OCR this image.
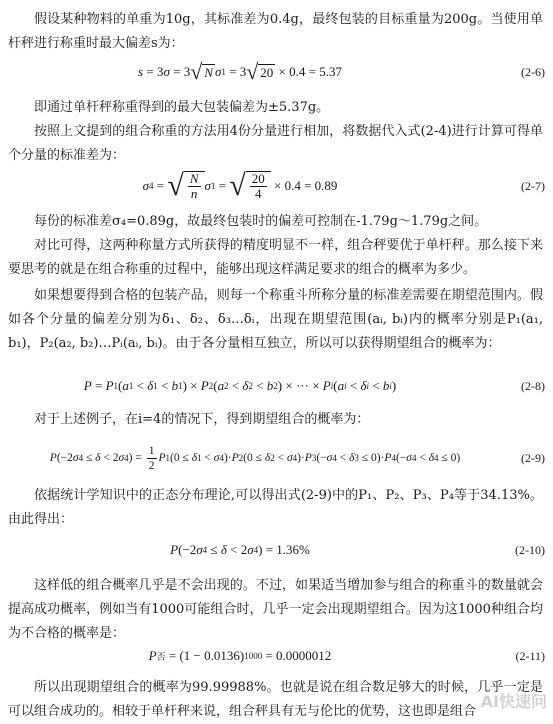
假设某种物料的单重为10g，其标准差为0.4g，最终包装的目标重量为200g。当使用单杆秤进行称重时最大偏差s为：

s = 3 σ = 3 √ N σ 1 = 3 √ 20 × 0.4 = 5.37	(2-6)

即通过单杆秤称重得到的最大包装偏差为±5.37g。

按照上文提到的组合称重的方法用4份分量进行相加，将数据代入式(2-4)进行计算可得单个分量的标准差为：

σ 4 = √ $\frac{N}{n}$ σ 1 = √ $\frac{20}{4} \times 0.4 = 0.89$	(2-7)

每份的标准差σ₄=0.89g，故最终包装时的偏差可控制在-1.79g～1.79g之间。

对比可得，这两种称量方式所获得的精度明显不一样，组合秤要优于单杆秤。那么接下来要思考的就是在组合称重的过程中，能够出现这样满足要求的组合的概率为多少。

如果想要得到合格的包装产品，则每一个称重斗所称分量的标准差需要在期望范围内。假如各个分量的偏差分别为δ₁、δ₂、δ₃…δᵢ，出现在期望范围(aᵢ, bᵢ)内的概率分别是P₁(a₁, b₁)，P₂(a₂, b₂)…Pᵢ(aᵢ, bᵢ)。由于各分量相互独立，所以可以获得期望组合的概率为：

P = P 1 ( a 1 < δ 1 < b 1 ) × P 2 ( a 2 < δ 2 < b 2 ) × ··· × P i ( a i < δ i < b i )	(2-8)

对于上述例子，在i=4的情况下，得到期望组合的概率为：

P (−2 σ 4 ≤ δ < 2 σ 4 ) = $\frac{1}{2}$ P 1 (0 ≤ δ 1 < σ 4 )· P 2 (0 ≤ δ 2 < σ 4 )· P 3 (− σ 4 < δ 3 ≤ 0)· P 4 (− σ 4 < δ 4 ≤ 0)	(2-9)

依据统计学知识中的正态分布理论,可以得出式(2-9)中的P₁、P₂、P₃、P₄等于34.13%。由此得出：

P (−2 σ 4 ≤ δ < 2 σ 4 ) = 1.36%	(2-10)

这样低的组合概率几乎是不会出现的。不过，如果适当增加参与组合的称重斗的数量就会提高成功概率，例如当有1000可能组合时，几乎一定会出现期望组合。因为这1000种组合均为不合格的概率是：

P 否 = (1 − 0.0136) 1000 = 0.0000012	(2-11)

所以出现期望组合的概率为99.99988%。也就是说在组合数足够大的时候，几乎一定是可以组合成功的。相较于单杆秤来说，组合秤具有无与伦比的优势，这也即是组合

AI快速问
